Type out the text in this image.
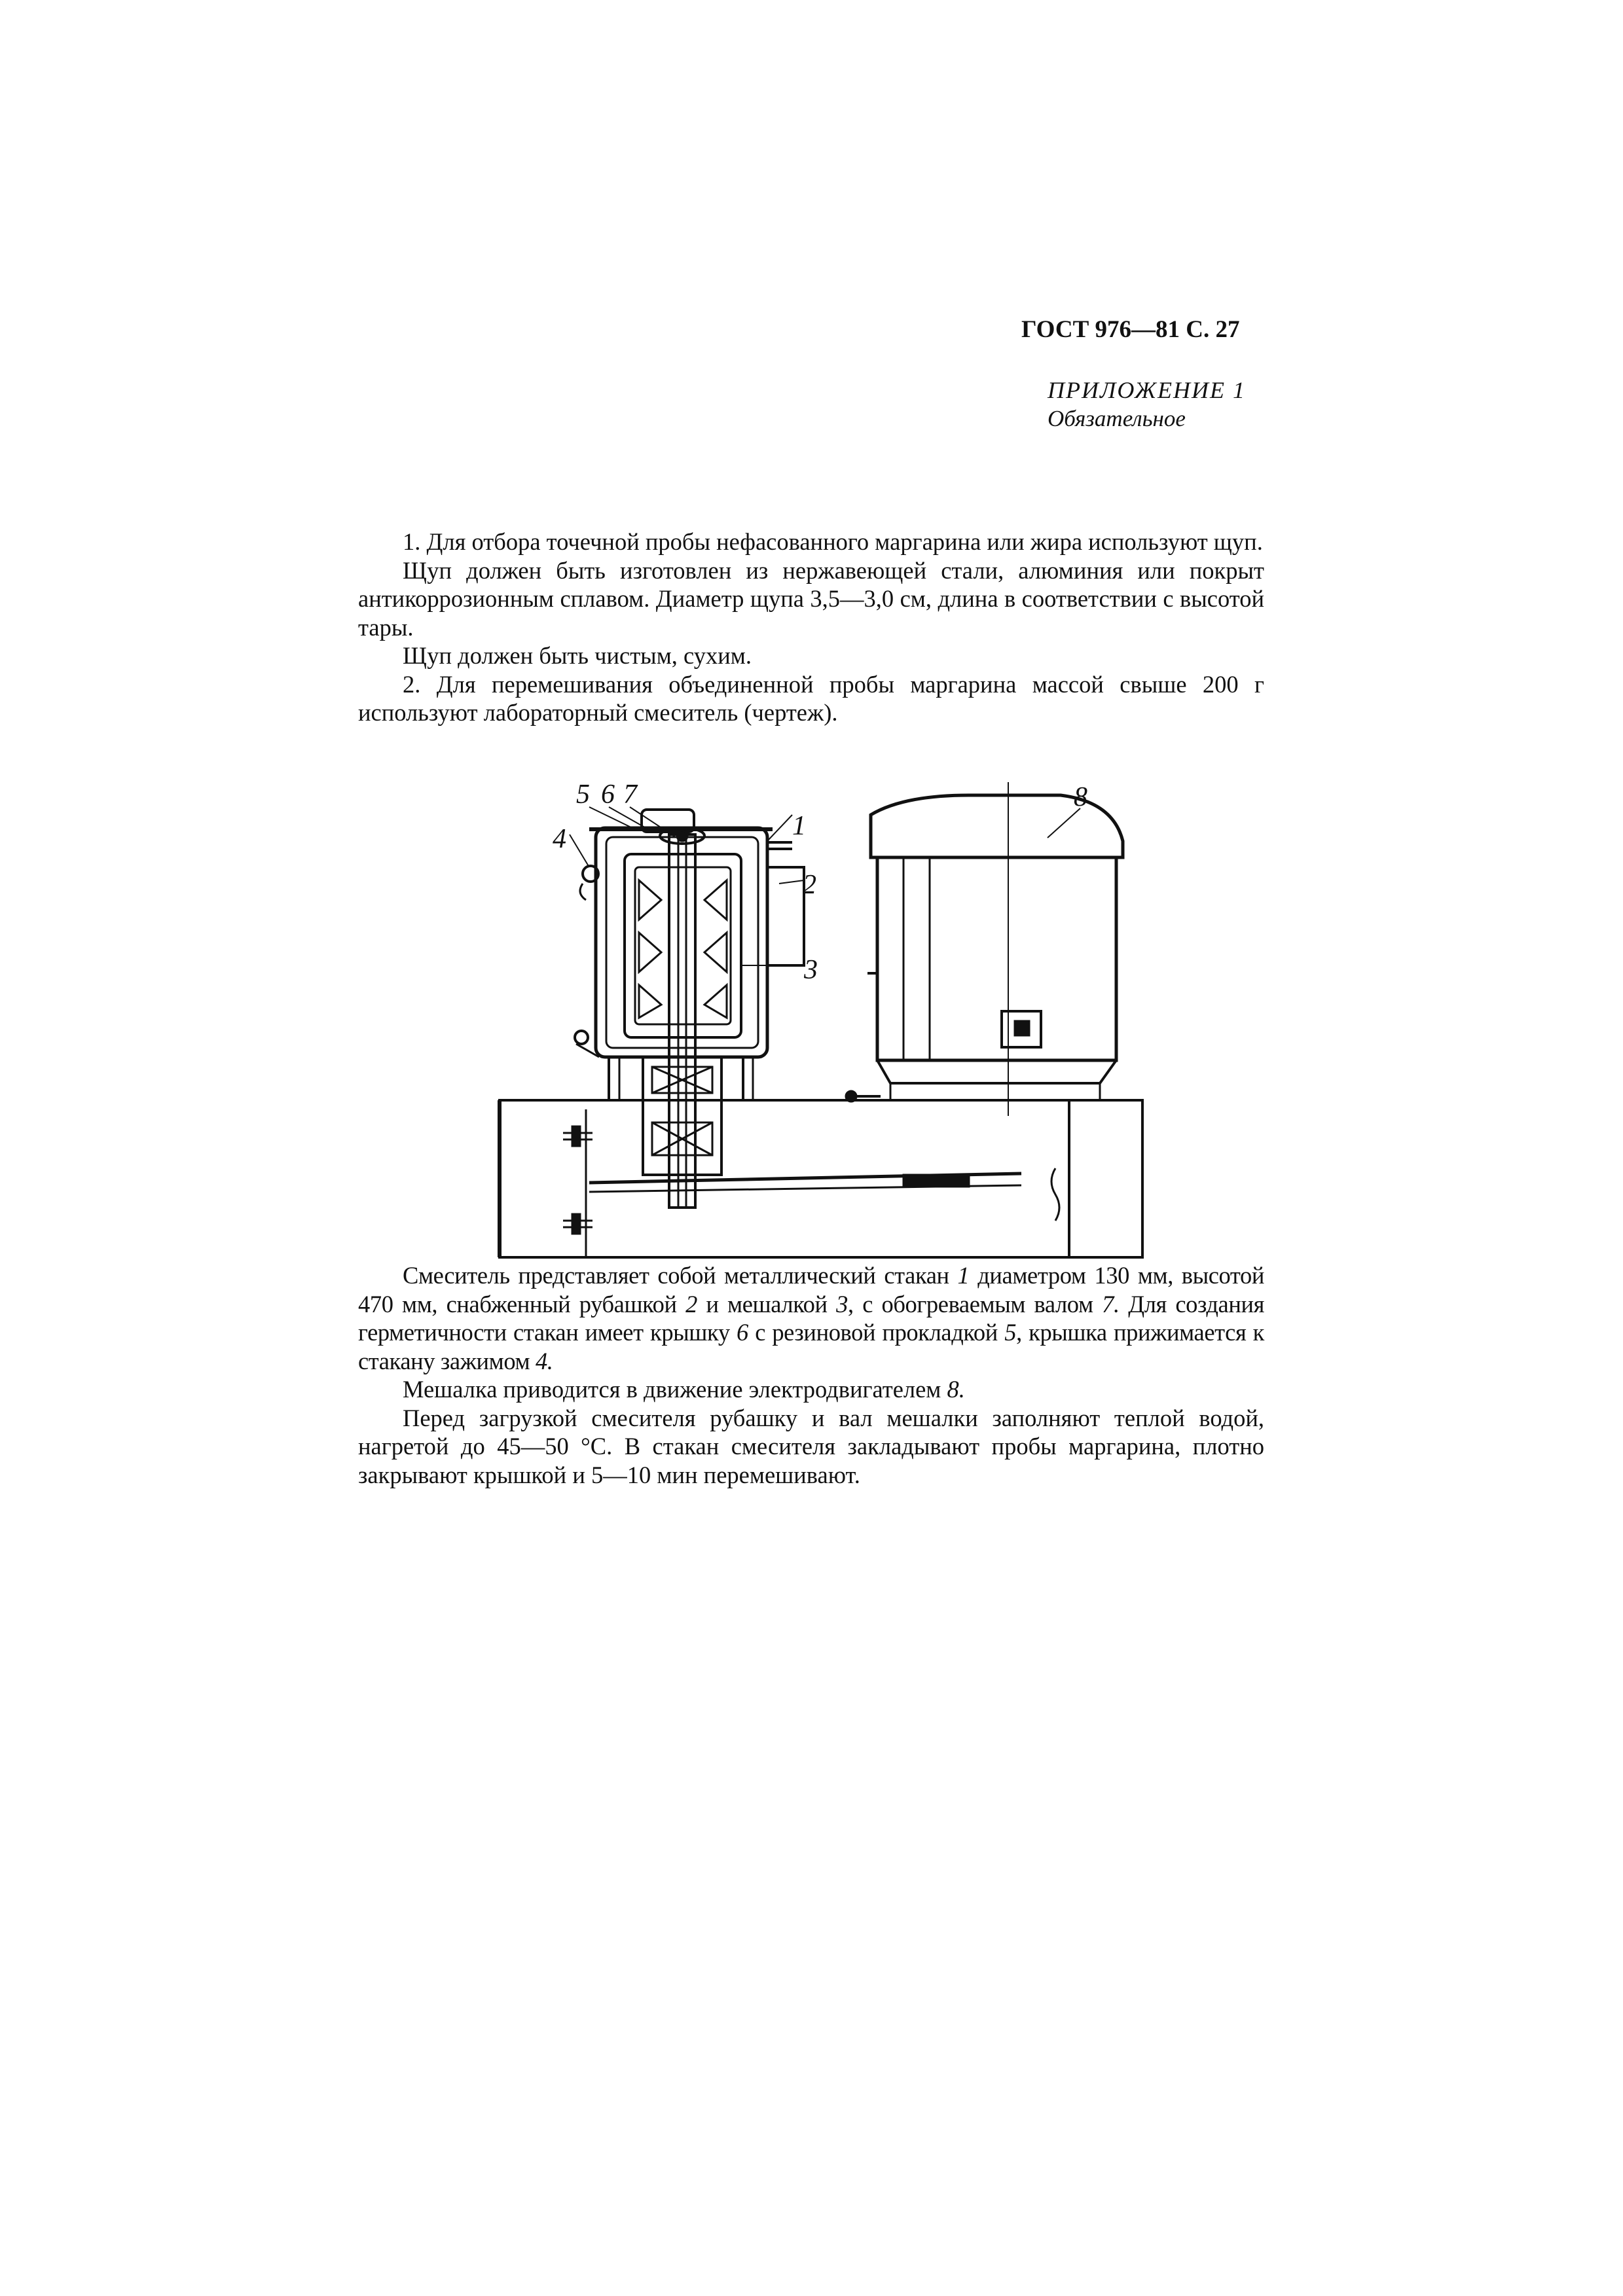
ГОСТ 976—81 С. 27
ПРИЛОЖЕНИЕ 1
Обязательное

1. Для отбора точечной пробы нефасованного маргарина или жира используют щуп.

Щуп должен быть изготовлен из нержавеющей стали, алюминия или покрыт антикоррозионным сплавом. Диаметр щупа 3,5—3,0 см, длина в соответствии с высотой тары.

Щуп должен быть чистым, сухим.

2. Для перемешивания объединенной пробы маргарина массой свыше 200 г используют лабораторный смеситель (чертеж).

5 6 7
4	1
2
3
8

Смеситель представляет собой металлический стакан 1 диаметром 130 мм, высотой 470 мм, снабженный рубашкой 2 и мешалкой 3, с обогреваемым валом 7. Для создания герметичности стакан имеет крышку 6 с резиновой прокладкой 5, крышка прижимается к стакану зажимом 4.

Мешалка приводится в движение электродвигателем 8.

Перед загрузкой смесителя рубашку и вал мешалки заполняют теплой водой, нагретой до 45—50 °С. В стакан смесителя закладывают пробы маргарина, плотно закрывают крышкой и 5—10 мин перемешивают.
